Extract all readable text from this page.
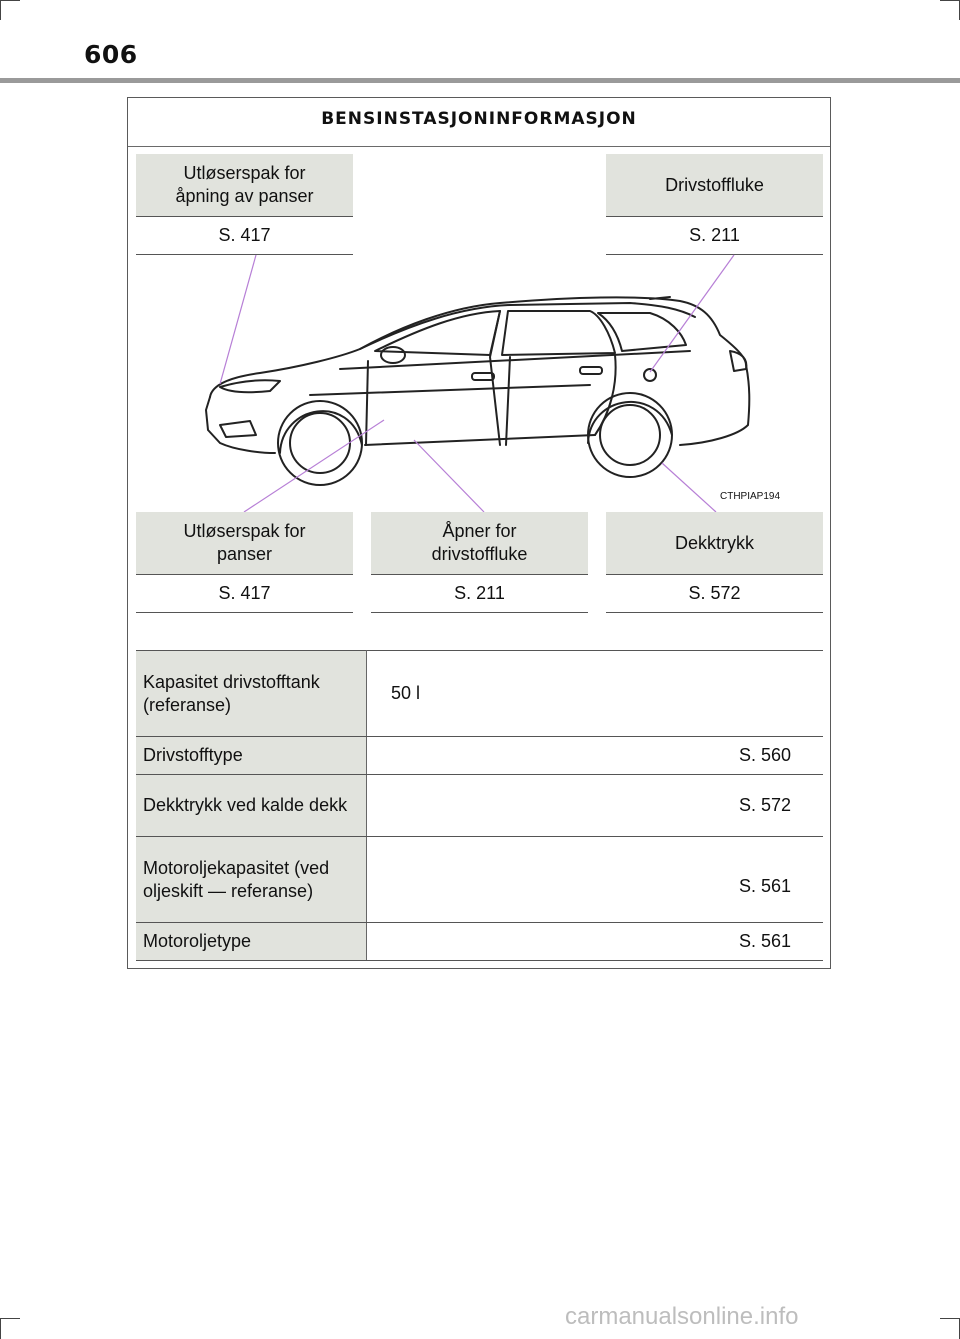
606
BENSINSTASJONINFORMASJON
Utløserspak for åpning av panser
S. 417
Drivstoffluke
S. 211
CTHPIAP194
Utløserspak for panser
S. 417
Åpner for drivstoffluke
S. 211
Dekktrykk
S. 572
Kapasitet drivstofftank (referanse)	50 l
Drivstofftype	S. 560
Dekktrykk ved kalde dekk	S. 572
Motoroljekapasitet (ved oljeskift — referanse)	S. 561
Motoroljetype	S. 561
carmanualsonline.info
